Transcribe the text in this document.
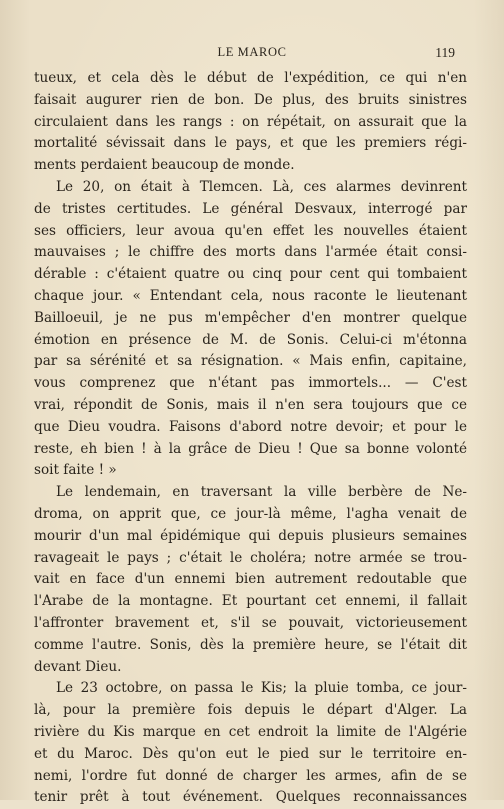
LE MAROC	119
tueux, et cela dès le début de l'expédition, ce qui n'en
faisait augurer rien de bon. De plus, des bruits sinistres
circulaient dans les rangs : on répétait, on assurait que la
mortalité sévissait dans le pays, et que les premiers régi-
ments perdaient beaucoup de monde.
Le 20, on était à Tlemcen. Là, ces alarmes devinrent
de tristes certitudes. Le général Desvaux, interrogé par
ses officiers, leur avoua qu'en effet les nouvelles étaient
mauvaises ; le chiffre des morts dans l'armée était consi-
dérable : c'étaient quatre ou cinq pour cent qui tombaient
chaque jour. « Entendant cela, nous raconte le lieutenant
Bailloeuil, je ne pus m'empêcher d'en montrer quelque
émotion en présence de M. de Sonis. Celui-ci m'étonna
par sa sérénité et sa résignation. « Mais enfin, capitaine,
vous comprenez que n'étant pas immortels... — C'est
vrai, répondit de Sonis, mais il n'en sera toujours que ce
que Dieu voudra. Faisons d'abord notre devoir; et pour le
reste, eh bien ! à la grâce de Dieu ! Que sa bonne volonté
soit faite ! »
Le lendemain, en traversant la ville berbère de Ne-
droma, on apprit que, ce jour-là même, l'agha venait de
mourir d'un mal épidémique qui depuis plusieurs semaines
ravageait le pays ; c'était le choléra; notre armée se trou-
vait en face d'un ennemi bien autrement redoutable que
l'Arabe de la montagne. Et pourtant cet ennemi, il fallait
l'affronter bravement et, s'il se pouvait, victorieusement
comme l'autre. Sonis, dès la première heure, se l'était dit
devant Dieu.
Le 23 octobre, on passa le Kis; la pluie tomba, ce jour-
là, pour la première fois depuis le départ d'Alger. La
rivière du Kis marque en cet endroit la limite de l'Algérie
et du Maroc. Dès qu'on eut le pied sur le territoire en-
nemi, l'ordre fut donné de charger les armes, afin de se
tenir prêt à tout événement. Quelques reconnaissances
